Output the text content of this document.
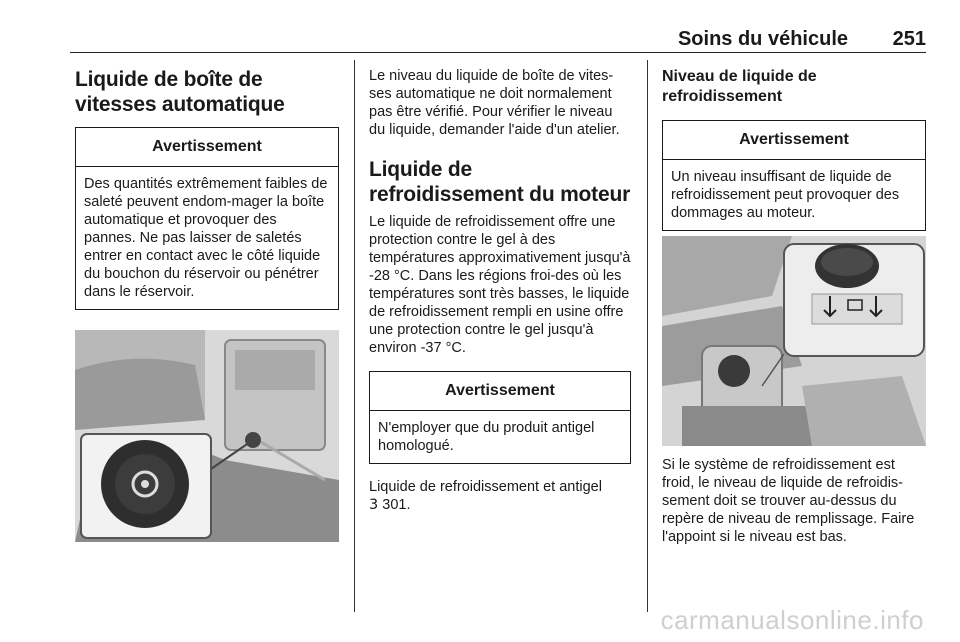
Soins du véhicule 251
Liquide de boîte de vitesses automatique
Avertissement
Des quantités extrêmement faibles de saleté peuvent endom-mager la boîte automatique et provoquer des pannes. Ne pas laisser de saletés entrer en contact avec le côté liquide du bouchon du réservoir ou pénétrer dans le réservoir.

Le niveau du liquide de boîte de vites-ses automatique ne doit normalement pas être vérifié. Pour vérifier le niveau du liquide, demander l'aide d'un atelier.

Liquide de refroidissement du moteur

Le liquide de refroidissement offre une protection contre le gel à des températures approximativement jusqu'à -28 °C. Dans les régions froi-des où les températures sont très basses, le liquide de refroidissement rempli en usine offre une protection contre le gel jusqu'à environ -37 °C.

Avertissement
N'employer que du produit antigel homologué.

Liquide de refroidissement et antigel
3 301.

Niveau de liquide de refroidissement
Avertissement
Un niveau insuffisant de liquide de refroidissement peut provoquer des dommages au moteur.

Si le système de refroidissement est froid, le niveau de liquide de refroidis-sement doit se trouver au-dessus du repère de niveau de remplissage. Faire l'appoint si le niveau est bas.

carmanualsonline.info
